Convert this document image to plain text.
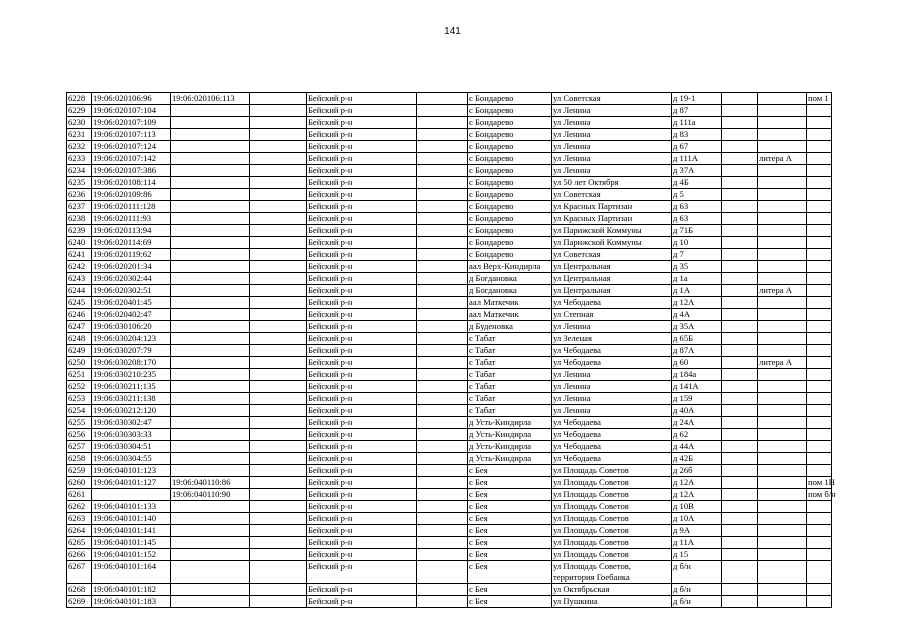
141
6228	19:06:020106:96	19:06:020106:113		Бейский р-н		с Бондарево	ул Советская	д 19-1			пом 1
6229	19:06:020107:104			Бейский р-н		с Бондарево	ул Ленина	д 87			
6230	19:06:020107:109			Бейский р-н		с Бондарево	ул Ленина	д 111а			
6231	19:06:020107:113			Бейский р-н		с Бондарево	ул Ленина	д 83			
6232	19:06:020107:124			Бейский р-н		с Бондарево	ул Ленина	д 67			
6233	19:06:020107:142			Бейский р-н		с Бондарево	ул Ленина	д 111А		литера А	
6234	19:06:020107:386			Бейский р-н		с Бондарево	ул Ленина	д 37А			
6235	19:06:020108:114			Бейский р-н		с Бондарево	ул 50 лет Октября	д 4Б			
6236	19:06:020109:86			Бейский р-н		с Бондарево	ул Советская	д 5			
6237	19:06:020111:128			Бейский р-н		с Бондарево	ул Красных Партизан	д 63			
6238	19:06:020111:93			Бейский р-н		с Бондарево	ул Красных Партизан	д 63			
6239	19:06:020113:94			Бейский р-н		с Бондарево	ул Парижской Коммуны	д 71Б			
6240	19:06:020114:69			Бейский р-н		с Бондарево	ул Парижской Коммуны	д 10			
6241	19:06:020119:62			Бейский р-н		с Бондарево	ул Советская	д 7			
6242	19:06:020201:34			Бейский р-н		аал Верх-Киндирла	ул Центральная	д 35			
6243	19:06:020302:44			Бейский р-н		д Богдановка	ул Центральная	д 1а			
6244	19:06:020302:51			Бейский р-н		д Богдановка	ул Центральная	д 1А		литера А	
6245	19:06:020401:45			Бейский р-н		аал Маткечик	ул Чебодаева	д 12А			
6246	19:06:020402:47			Бейский р-н		аал Маткечик	ул Степная	д 4А			
6247	19:06:030106:20			Бейский р-н		д Буденовка	ул Ленина	д 35А			
6248	19:06:030204:123			Бейский р-н		с Табат	ул Зеленая	д 65Б			
6249	19:06:030207:79			Бейский р-н		с Табат	ул Чебодаева	д 87А			
6250	19:06:030208:170			Бейский р-н		с Табат	ул Чебодаева	д 60		литера А	
6251	19:06:030210:235			Бейский р-н		с Табат	ул Ленина	д 184а			
6252	19:06:030211:135			Бейский р-н		с Табат	ул Ленина	д 141А			
6253	19:06:030211:138			Бейский р-н		с Табат	ул Ленина	д 159			
6254	19:06:030212:120			Бейский р-н		с Табат	ул Ленина	д 40А			
6255	19:06:030302:47			Бейский р-н		д Усть-Киндирла	ул Чебодаева	д 24А			
6256	19:06:030303:33			Бейский р-н		д Усть-Киндирла	ул Чебодаева	д 62			
6257	19:06:030304:51			Бейский р-н		д Усть-Киндирла	ул Чебодаева	д 44А			
6258	19:06:030304:55			Бейский р-н		д Усть-Киндирла	ул Чебодаева	д 42Б			
6259	19:06:040101:123			Бейский р-н		с Бея	ул Площадь Советов	д 26б			
6260	19:06:040101:127	19:06:040110:86		Бейский р-н		с Бея	ул Площадь Советов	д 12А			пом 1Н
6261		19:06:040110:90		Бейский р-н		с Бея	ул Площадь Советов	д 12А			пом б/н
6262	19:06:040101:133			Бейский р-н		с Бея	ул Площадь Советов	д 10В			
6263	19:06:040101:140			Бейский р-н		с Бея	ул Площадь Советов	д 10А			
6264	19:06:040101:141			Бейский р-н		с Бея	ул Площадь Советов	д 9А			
6265	19:06:040101:145			Бейский р-н		с Бея	ул Площадь Советов	д 11А			
6266	19:06:040101:152			Бейский р-н		с Бея	ул Площадь Советов	д 15			
6267	19:06:040101:164			Бейский р-н		с Бея	ул Площадь Советов, территория Гоебанка	д б/н			
6268	19:06:040101:182			Бейский р-н		с Бея	ул Октябрьская	д б/н			
6269	19:06:040101:183			Бейский р-н		с Бея	ул Пушкина	д б/н			
